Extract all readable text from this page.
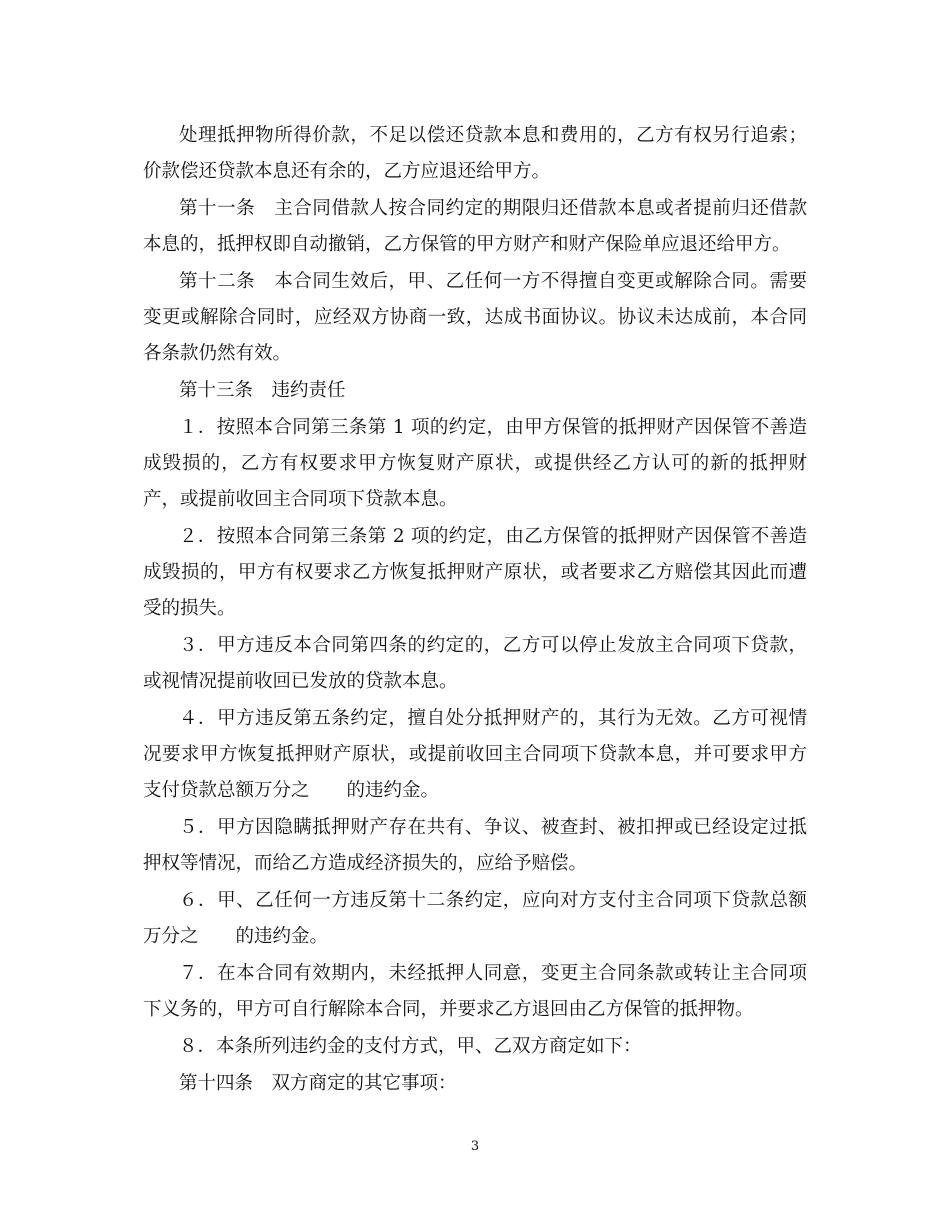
处理抵押物所得价款，不足以偿还贷款本息和费用的，乙方有权另行追索；价款偿还贷款本息还有余的，乙方应退还给甲方。

第十一条　主合同借款人按合同约定的期限归还借款本息或者提前归还借款本息的，抵押权即自动撤销，乙方保管的甲方财产和财产保险单应退还给甲方。

第十二条　本合同生效后，甲、乙任何一方不得擅自变更或解除合同。需要变更或解除合同时，应经双方协商一致，达成书面协议。协议未达成前，本合同各条款仍然有效。

第十三条　违约责任

１．按照本合同第三条第 1 项的约定，由甲方保管的抵押财产因保管不善造成毁损的，乙方有权要求甲方恢复财产原状，或提供经乙方认可的新的抵押财产，或提前收回主合同项下贷款本息。

２．按照本合同第三条第 2 项的约定，由乙方保管的抵押财产因保管不善造成毁损的，甲方有权要求乙方恢复抵押财产原状，或者要求乙方赔偿其因此而遭受的损失。

３．甲方违反本合同第四条的约定的，乙方可以停止发放主合同项下贷款，或视情况提前收回已发放的贷款本息。

４．甲方违反第五条约定，擅自处分抵押财产的，其行为无效。乙方可视情况要求甲方恢复抵押财产原状，或提前收回主合同项下贷款本息，并可要求甲方支付贷款总额万分之　　的违约金。

５．甲方因隐瞒抵押财产存在共有、争议、被查封、被扣押或已经设定过抵押权等情况，而给乙方造成经济损失的，应给予赔偿。

６．甲、乙任何一方违反第十二条约定，应向对方支付主合同项下贷款总额万分之　　的违约金。

７．在本合同有效期内，未经抵押人同意，变更主合同条款或转让主合同项下义务的，甲方可自行解除本合同，并要求乙方退回由乙方保管的抵押物。

８．本条所列违约金的支付方式，甲、乙双方商定如下：

第十四条　双方商定的其它事项：

3
